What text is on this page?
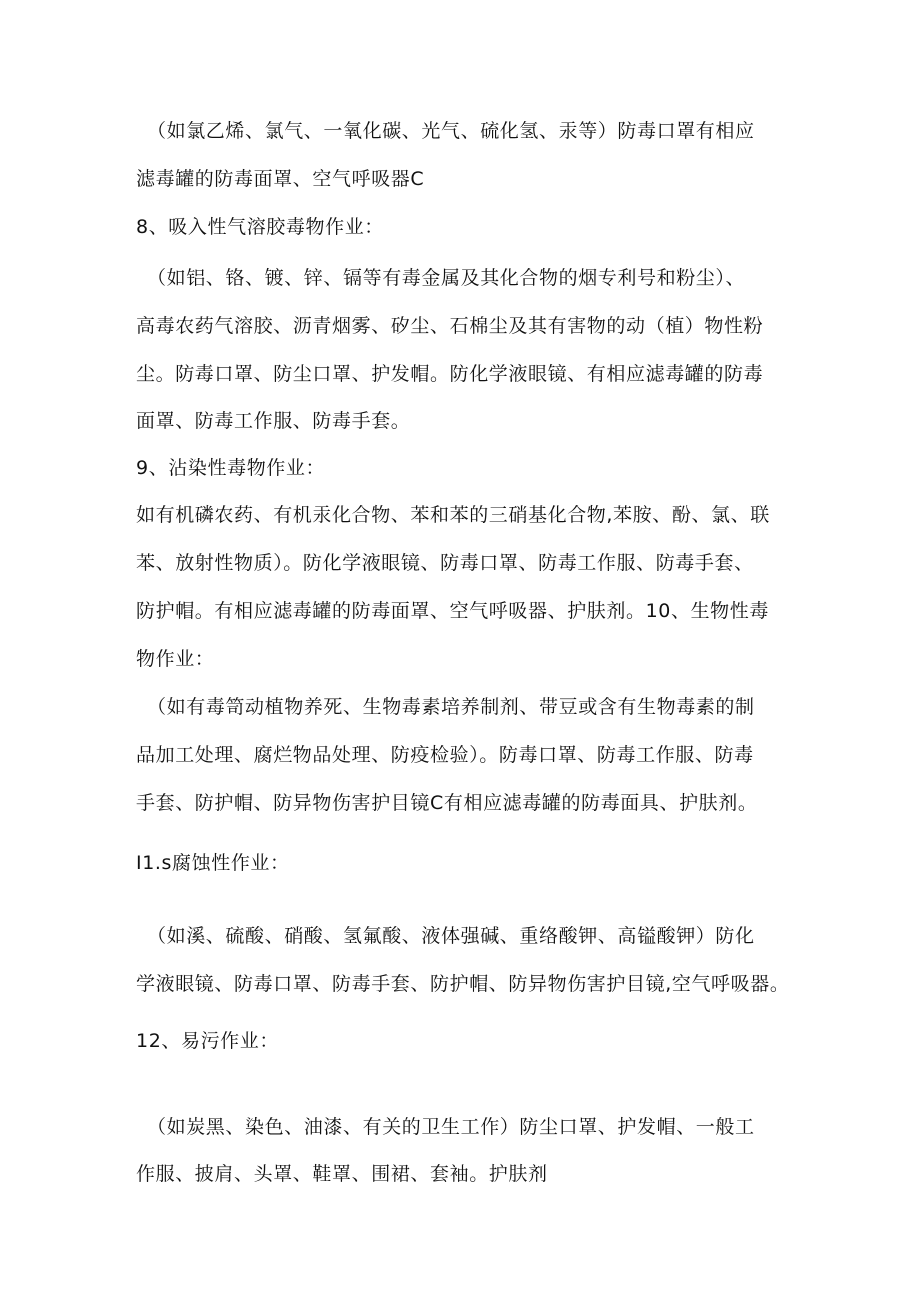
（如氯乙烯、氯气、一氧化碳、光气、硫化氢、汞等）防毒口罩有相应
滤毒罐的防毒面罩、空气呼吸器C
8、吸入性气溶胶毒物作业：
（如铝、铬、镀、锌、镉等有毒金属及其化合物的烟专利号和粉尘）、
高毒农药气溶胶、沥青烟雾、矽尘、石棉尘及其有害物的动（植）物性粉
尘。防毒口罩、防尘口罩、护发帽。防化学液眼镜、有相应滤毒罐的防毒
面罩、防毒工作服、防毒手套。
9、沾染性毒物作业：
如有机磷农药、有机汞化合物、苯和苯的三硝基化合物,苯胺、酚、氯、联
苯、放射性物质）。防化学液眼镜、防毒口罩、防毒工作服、防毒手套、
防护帽。有相应滤毒罐的防毒面罩、空气呼吸器、护肤剂。10、生物性毒
物作业：
（如有毒笥动植物养死、生物毒素培养制剂、带豆或含有生物毒素的制
品加工处理、腐烂物品处理、防疫检验）。防毒口罩、防毒工作服、防毒
手套、防护帽、防异物伤害护目镜C有相应滤毒罐的防毒面具、护肤剂。
I1.s腐蚀性作业：
（如溪、硫酸、硝酸、氢氟酸、液体强碱、重络酸钾、高镒酸钾）防化
学液眼镜、防毒口罩、防毒手套、防护帽、防异物伤害护目镜,空气呼吸器。
12、易污作业：
（如炭黑、染色、油漆、有关的卫生工作）防尘口罩、护发帽、一般工
作服、披肩、头罩、鞋罩、围裙、套袖。护肤剂
